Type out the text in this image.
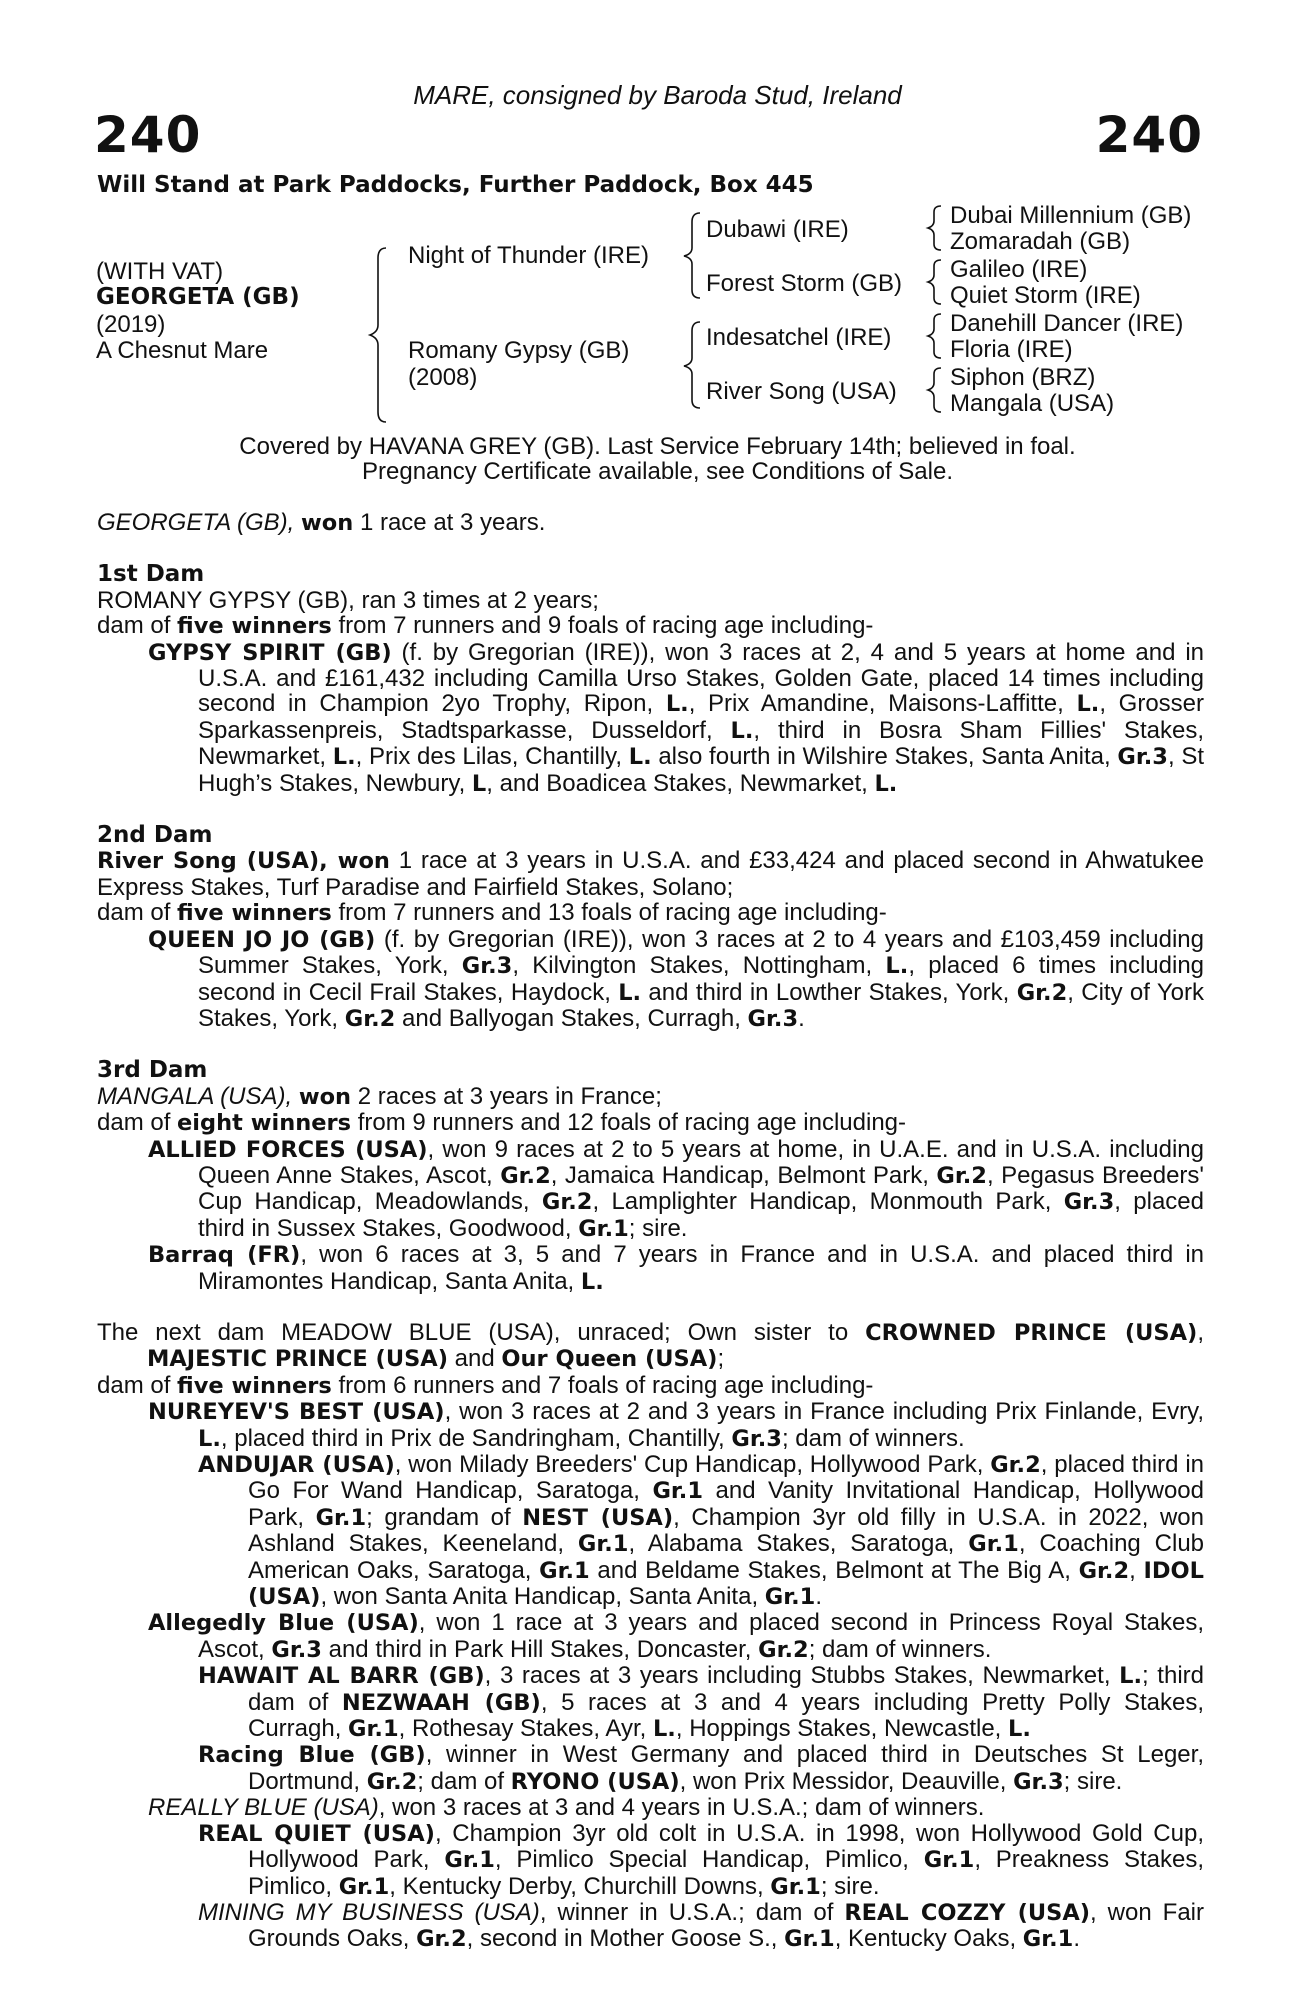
MARE, consigned by Baroda Stud, Ireland
240	240
Will Stand at Park Paddocks, Further Paddock, Box 445
(WITH VAT)
GEORGETA (GB)
(2019)
A Chesnut Mare
Night of Thunder (IRE)
Romany Gypsy (GB)
(2008)
Dubawi (IRE)
Forest Storm (GB)
Indesatchel (IRE)
River Song (USA)
Dubai Millennium (GB)
Zomaradah (GB)
Galileo (IRE)
Quiet Storm (IRE)
Danehill Dancer (IRE)
Floria (IRE)
Siphon (BRZ)
Mangala (USA)
Covered by HAVANA GREY (GB). Last Service February 14th; believed in foal.
Pregnancy Certificate available, see Conditions of Sale.

GEORGETA (GB), won 1 race at 3 years.

1st Dam

ROMANY GYPSY (GB), ran 3 times at 2 years;

dam of five winners from 7 runners and 9 foals of racing age including-

GYPSY SPIRIT (GB) (f. by Gregorian (IRE)), won 3 races at 2, 4 and 5 years at home and in U.S.A. and £161,432 including Camilla Urso Stakes, Golden Gate, placed 14 times including second in Champion 2yo Trophy, Ripon, L., Prix Amandine, Maisons-Laffitte, L., Grosser Sparkassenpreis, Stadtsparkasse, Dusseldorf, L., third in Bosra Sham Fillies' Stakes, Newmarket, L., Prix des Lilas, Chantilly, L. also fourth in Wilshire Stakes, Santa Anita, Gr.3, St Hugh’s Stakes, Newbury, L, and Boadicea Stakes, Newmarket, L.

2nd Dam

River Song (USA), won 1 race at 3 years in U.S.A. and £33,424 and placed second in Ahwatukee Express Stakes, Turf Paradise and Fairfield Stakes, Solano;

dam of five winners from 7 runners and 13 foals of racing age including-

QUEEN JO JO (GB) (f. by Gregorian (IRE)), won 3 races at 2 to 4 years and £103,459 including Summer Stakes, York, Gr.3, Kilvington Stakes, Nottingham, L., placed 6 times including second in Cecil Frail Stakes, Haydock, L. and third in Lowther Stakes, York, Gr.2, City of York Stakes, York, Gr.2 and Ballyogan Stakes, Curragh, Gr.3.

3rd Dam

MANGALA (USA), won 2 races at 3 years in France;

dam of eight winners from 9 runners and 12 foals of racing age including-

ALLIED FORCES (USA), won 9 races at 2 to 5 years at home, in U.A.E. and in U.S.A. including Queen Anne Stakes, Ascot, Gr.2, Jamaica Handicap, Belmont Park, Gr.2, Pegasus Breeders' Cup Handicap, Meadowlands, Gr.2, Lamplighter Handicap, Monmouth Park, Gr.3, placed third in Sussex Stakes, Goodwood, Gr.1; sire.

Barraq (FR), won 6 races at 3, 5 and 7 years in France and in U.S.A. and placed third in Miramontes Handicap, Santa Anita, L.

The next dam MEADOW BLUE (USA), unraced; Own sister to CROWNED PRINCE (USA), MAJESTIC PRINCE (USA) and Our Queen (USA);

dam of five winners from 6 runners and 7 foals of racing age including-

NUREYEV'S BEST (USA), won 3 races at 2 and 3 years in France including Prix Finlande, Evry, L., placed third in Prix de Sandringham, Chantilly, Gr.3; dam of winners.

ANDUJAR (USA), won Milady Breeders' Cup Handicap, Hollywood Park, Gr.2, placed third in Go For Wand Handicap, Saratoga, Gr.1 and Vanity Invitational Handicap, Hollywood Park, Gr.1; grandam of NEST (USA), Champion 3yr old filly in U.S.A. in 2022, won Ashland Stakes, Keeneland, Gr.1, Alabama Stakes, Saratoga, Gr.1, Coaching Club American Oaks, Saratoga, Gr.1 and Beldame Stakes, Belmont at The Big A, Gr.2, IDOL (USA), won Santa Anita Handicap, Santa Anita, Gr.1.

Allegedly Blue (USA), won 1 race at 3 years and placed second in Princess Royal Stakes, Ascot, Gr.3 and third in Park Hill Stakes, Doncaster, Gr.2; dam of winners.

HAWAIT AL BARR (GB), 3 races at 3 years including Stubbs Stakes, Newmarket, L.; third dam of NEZWAAH (GB), 5 races at 3 and 4 years including Pretty Polly Stakes, Curragh, Gr.1, Rothesay Stakes, Ayr, L., Hoppings Stakes, Newcastle, L.

Racing Blue (GB), winner in West Germany and placed third in Deutsches St Leger, Dortmund, Gr.2; dam of RYONO (USA), won Prix Messidor, Deauville, Gr.3; sire.

REALLY BLUE (USA), won 3 races at 3 and 4 years in U.S.A.; dam of winners.

REAL QUIET (USA), Champion 3yr old colt in U.S.A. in 1998, won Hollywood Gold Cup, Hollywood Park, Gr.1, Pimlico Special Handicap, Pimlico, Gr.1, Preakness Stakes, Pimlico, Gr.1, Kentucky Derby, Churchill Downs, Gr.1; sire.

MINING MY BUSINESS (USA), winner in U.S.A.; dam of REAL COZZY (USA), won Fair Grounds Oaks, Gr.2, second in Mother Goose S., Gr.1, Kentucky Oaks, Gr.1.
